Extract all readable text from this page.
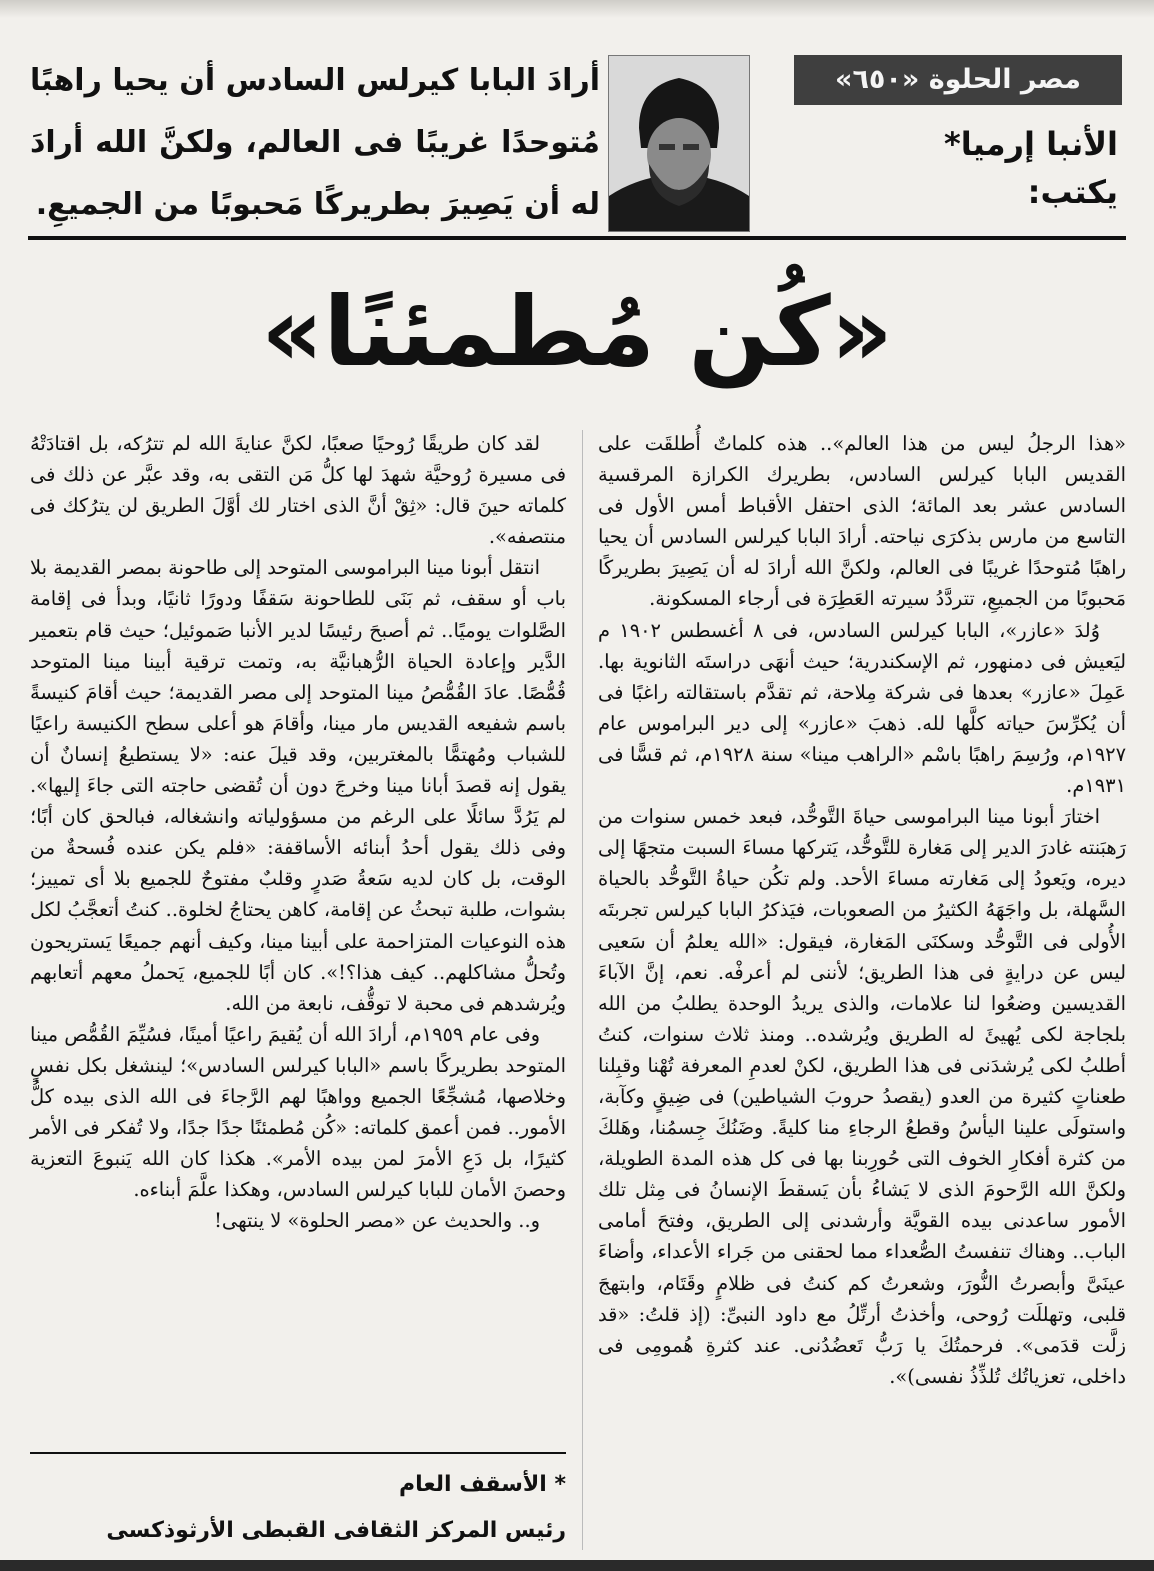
مصر الحلوة «٦٥٠»
الأنبا إرميا*
يكتب:
أرادَ البابا كيرلس السادس أن يحيا راهبًا مُتوحدًا غريبًا فى العالم، ولكنَّ الله أرادَ له أن يَصِيرَ بطريركًا مَحبوبًا من الجميعِ.
«كُن مُطمئنًا»

«هذا الرجلُ ليس من هذا العالم».. هذه كلماتٌ أُطلقَت على القديس البابا كيرلس السادس، بطريرك الكرازة المرقسية السادس عشر بعد المائة؛ الذى احتفل الأقباط أمس الأول فى التاسع من مارس بذكرَى نياحته. أرادَ البابا كيرلس السادس أن يحيا راهبًا مُتوحدًا غريبًا فى العالم، ولكنَّ الله أرادَ له أن يَصِيرَ بطريركًا مَحبوبًا من الجميعِ، تتردَّدُ سيرته العَطِرَة فى أرجاء المسكونة.

وُلدَ «عازر»، البابا كيرلس السادس، فى ٨ أغسطس ١٩٠٢ م ليَعيش فى دمنهور، ثم الإسكندرية؛ حيث أنهَى دراستَه الثانوية بها. عَمِلَ «عازر» بعدها فى شركة مِلاحة، ثم تقدَّم باستقالته راغبًا فى أن يُكرِّسَ حياته كلَّها لله. ذهبَ «عازر» إلى دير البراموس عام ١٩٢٧م، ورُسِمَ راهبًا باسْم «الراهب مينا» سنة ١٩٢٨م، ثم قسًّا فى ١٩٣١م.

اختارَ أبونا مينا البراموسى حياةَ التَّوحُّد، فبعد خمس سنوات من رَهبَنته غادرَ الدير إلى مَغارة للتَّوحُّد، يَتركها مساءَ السبت متجهًا إلى ديره، ويَعودُ إلى مَغارته مساءَ الأحد. ولم تكُن حياةُ التَّوحُّد بالحياة السَّهلة، بل واجَهَهُ الكثيرُ من الصعوبات، فيَذكرُ البابا كيرلس تجربتَه الأُولى فى التَّوحُّد وسكنَى المَغارة، فيقول: «الله يعلمُ أن سَعيى ليس عن درايةٍ فى هذا الطريق؛ لأننى لم أعرفْه. نعم، إنَّ الآباءَ القديسين وضعُوا لنا علامات، والذى يريدُ الوحدة يطلبُ من الله بلجاجة لكى يُهيئَ له الطريق ويُرشده.. ومنذ ثلاث سنوات، كنتُ أطلبُ لكى يُرشدَنى فى هذا الطريق، لكنْ لعدمِ المعرفة تُهْنا وقبِلنا طعناتٍ كثيرة من العدو (يقصدُ حروبَ الشياطين) فى ضِيقٍ وكآبة، واستولَى علينا اليأسُ وقطعُ الرجاءِ منا كليةً. وضَنُكَ جِسمُنا، وهَلكَ من كثرة أفكارِ الخوف التى حُورِبنا بها فى كل هذه المدة الطويلة، ولكنَّ الله الرَّحومَ الذى لا يَشاءُ بأن يَسقطَ الإنسانُ فى مِثل تلك الأمور ساعدنى بيده القويَّة وأرشدنى إلى الطريق، وفتحَ أمامى الباب.. وهناك تنفستُ الصُّعداء مما لحقنى من جَراء الأعداء، وأضاءَ عينَىَّ وأبصرتُ النُّورَ، وشعرتُ كم كنتُ فى ظلامٍ وقَتَام، وابتهجَ قلبى، وتهللَت رُوحى، وأخذتُ أرتِّلُ مع داود النبىِّ: (إذ قلتُ: «قد زلَّت قدَمى». فرحمتُكَ يا رَبُّ تَعضُدُنى. عند كثرةِ هُمومِى فى داخلى، تعزياتُك تُلذِّذُ نفسى)».

لقد كان طريقًا رُوحيًا صعبًا، لكنَّ عنايةَ الله لم تترُكه، بل اقتادَتْهُ فى مسيرة رُوحيَّة شهدَ لها كلُّ مَن التقى به، وقد عبَّر عن ذلك فى كلماته حينَ قال: «ثِقْ أنَّ الذى اختار لك أوَّلَ الطريق لن يترُكك فى منتصفه».

انتقل أبونا مينا البراموسى المتوحد إلى طاحونة بمصر القديمة بلا باب أو سقف، ثم بَنَى للطاحونة سَقفًا ودورًا ثانيًا، وبدأ فى إقامة الصَّلوات يوميًا.. ثم أصبحَ رئيسًا لدير الأنبا صَموئيل؛ حيث قام بتعمير الدَّير وإعادة الحياة الرُّهبانيَّة به، وتمت ترقية أبينا مينا المتوحد قُمُّصًا. عادَ القُمُّصُ مينا المتوحد إلى مصر القديمة؛ حيث أقامَ كنيسةً باسم شفيعه القديس مار مينا، وأقامَ هو أعلى سطح الكنيسة راعيًا للشباب ومُهتمًّا بالمغتربين، وقد قيلَ عنه: «لا يستطيعُ إنسانٌ أن يقول إنه قصدَ أبانا مينا وخرجَ دون أن تُقضى حاجته التى جاءَ إليها». لم يَرُدَّ سائلًا على الرغم من مسؤولياته وانشغاله، فبالحق كان أبًا؛ وفى ذلك يقول أحدُ أبنائه الأساقفة: «فلم يكن عنده فُسحةٌ من الوقت، بل كان لديه سَعةُ صَدرٍ وقلبٌ مفتوحٌ للجميع بلا أى تمييز؛ بشوات، طلبة تبحثُ عن إقامة، كاهن يحتاجُ لخلوة.. كنتُ أتعجَّبُ لكل هذه النوعيات المتزاحمة على أبينا مينا، وكيف أنهم جميعًا يَستريحون وتُحلُّ مشاكلهم.. كيف هذا؟!». كان أبًا للجميع، يَحملُ معهم أتعابهم ويُرشدهم فى محبة لا توقُّف، نابعة من الله.

وفى عام ١٩٥٩م، أرادَ الله أن يُقيمَ راعيًا أمينًا، فسُيِّمَ القُمُّص مينا المتوحد بطريركًا باسم «البابا كيرلس السادس»؛ لينشغل بكل نفسٍ وخلاصها، مُشجِّعًا الجميع وواهبًا لهم الرَّجاءَ فى الله الذى بيده كلُّ الأمور.. فمن أعمق كلماته: «كُن مُطمئنًا جدًا جدًا، ولا تُفكر فى الأمر كثيرًا، بل دَعِ الأمرَ لمن بيده الأمر». هكذا كان الله يَنبوعَ التعزية وحصنَ الأمان للبابا كيرلس السادس، وهكذا علَّمَ أبناءه.

و.. والحديث عن «مصر الحلوة» لا ينتهى!

* الأسقف العام
رئيس المركز الثقافى القبطى الأرثوذكسى
